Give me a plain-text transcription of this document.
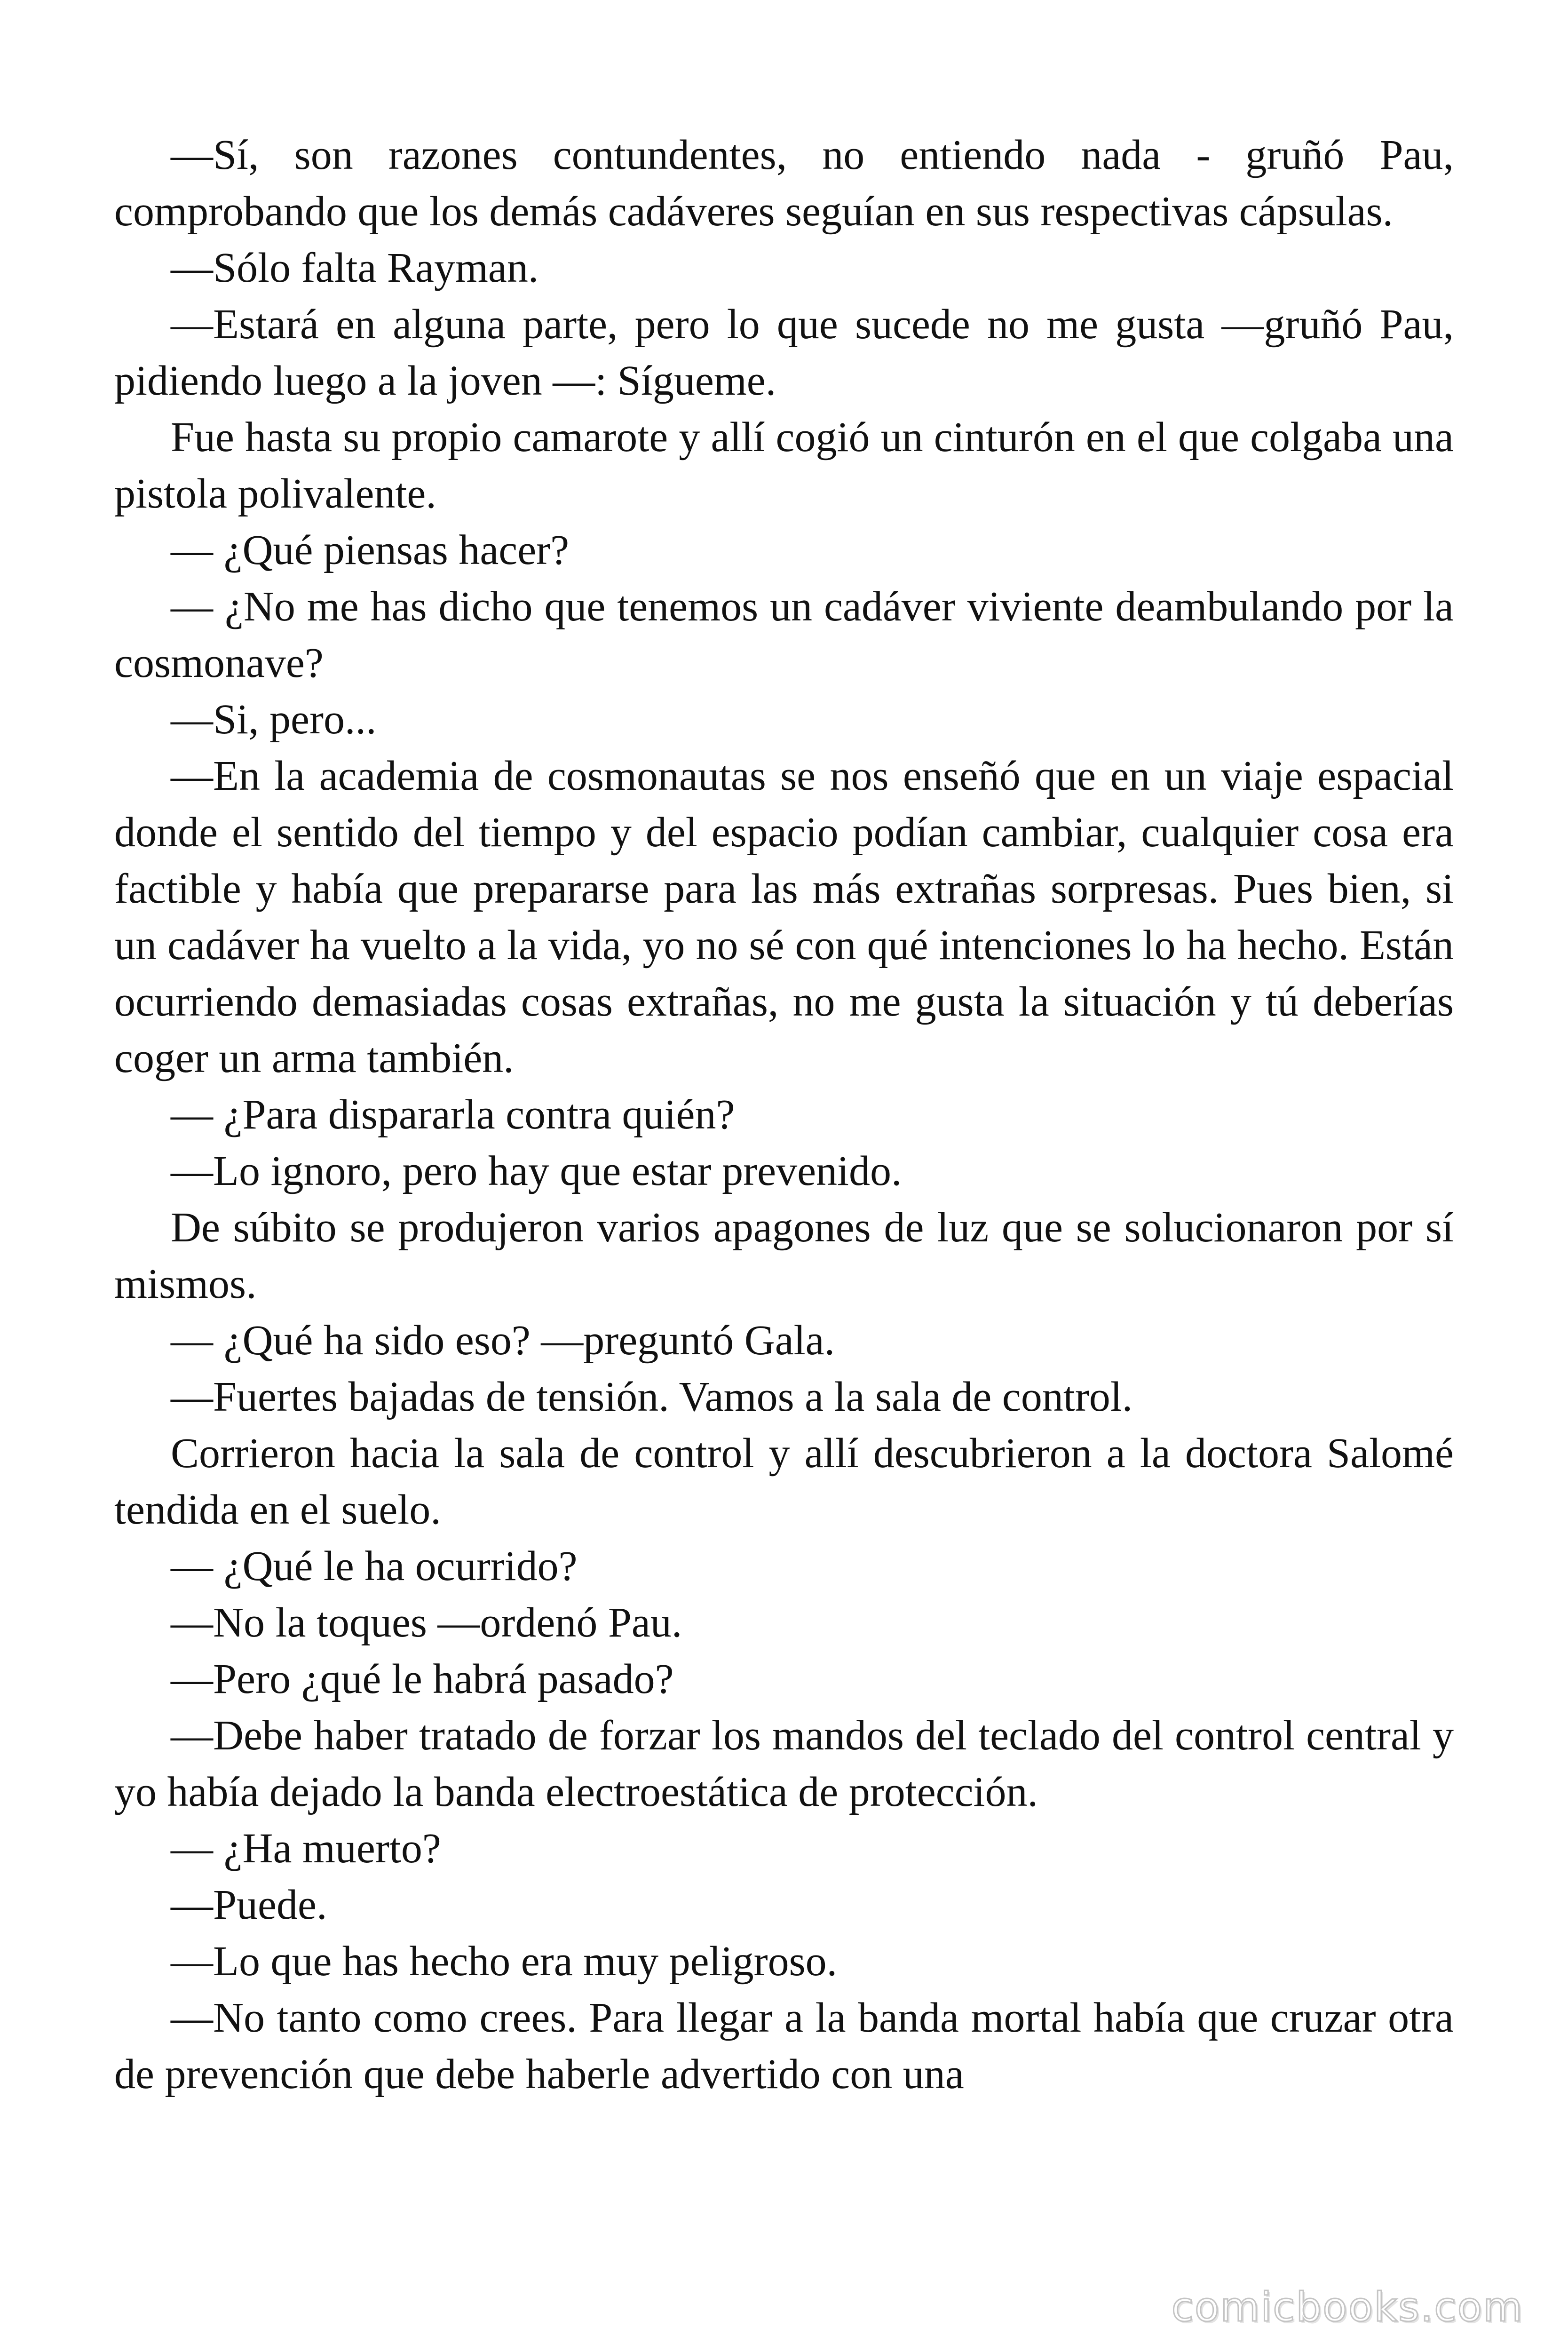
—Sí, son razones contundentes, no entiendo nada - gruñó Pau, comprobando que los demás cadáveres seguían en sus respectivas cápsulas.

—Sólo falta Rayman.

—Estará en alguna parte, pero lo que sucede no me gusta —gruñó Pau, pidiendo luego a la joven —: Sígueme.

Fue hasta su propio camarote y allí cogió un cinturón en el que colgaba una pistola polivalente.

— ¿Qué piensas hacer?

— ¿No me has dicho que tenemos un cadáver viviente deambulando por la cosmonave?

—Si, pero...

—En la academia de cosmonautas se nos enseñó que en un viaje espacial donde el sentido del tiempo y del espacio podían cambiar, cualquier cosa era factible y había que prepararse para las más extrañas sorpresas. Pues bien, si un cadáver ha vuelto a la vida, yo no sé con qué intenciones lo ha hecho. Están ocurriendo demasiadas cosas extrañas, no me gusta la situación y tú deberías coger un arma también.

— ¿Para dispararla contra quién?

—Lo ignoro, pero hay que estar prevenido.

De súbito se produjeron varios apagones de luz que se solucionaron por sí mismos.

— ¿Qué ha sido eso? —preguntó Gala.

—Fuertes bajadas de tensión. Vamos a la sala de control.

Corrieron hacia la sala de control y allí descubrieron a la doctora Salomé tendida en el suelo.

— ¿Qué le ha ocurrido?

—No la toques —ordenó Pau.

—Pero ¿qué le habrá pasado?

—Debe haber tratado de forzar los mandos del teclado del control central y yo había dejado la banda electroestática de protección.

— ¿Ha muerto?

—Puede.

—Lo que has hecho era muy peligroso.

—No tanto como crees. Para llegar a la banda mortal había que cruzar otra de prevención que debe haberle advertido con una

comicbooks.com
